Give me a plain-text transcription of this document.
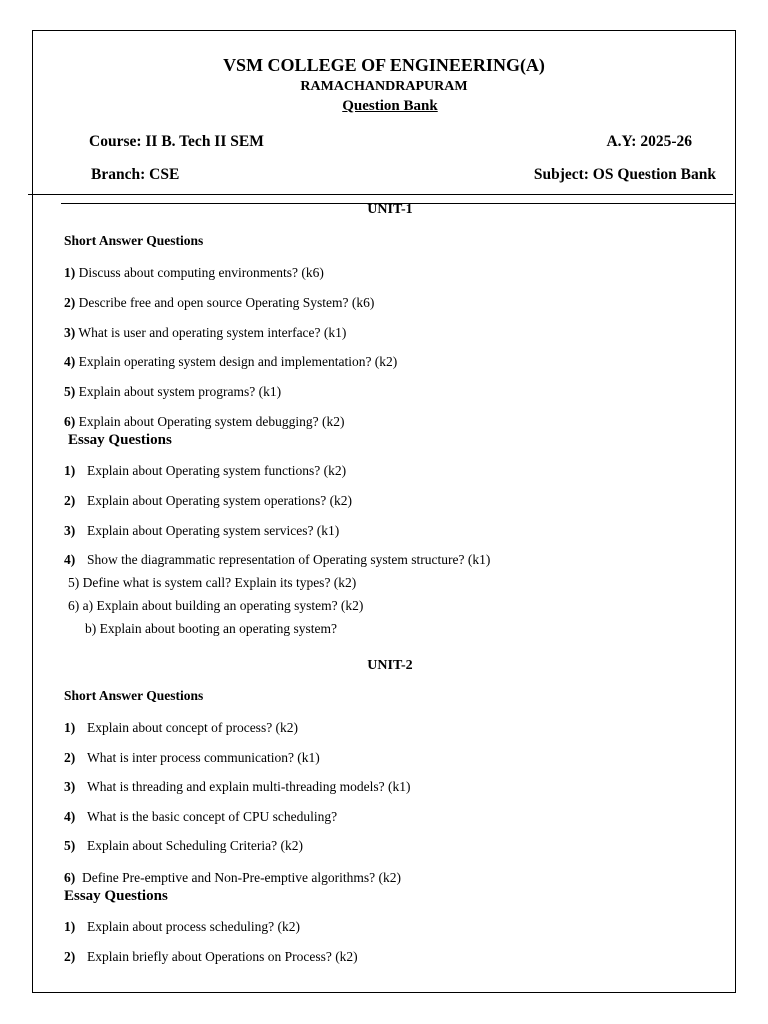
VSM COLLEGE OF ENGINEERING(A)
RAMACHANDRAPURAM
Question Bank
Course: II B. Tech II SEM	A.Y: 2025-26
Branch: CSE	Subject: OS Question Bank
UNIT-1
Short Answer Questions
1) Discuss about computing environments? (k6)
2) Describe free and open source Operating System? (k6)
3) What is user and operating system interface? (k1)
4) Explain operating system design and implementation? (k2)
5) Explain about system programs? (k1)
6) Explain about Operating system debugging? (k2)
Essay Questions
1) Explain about Operating system functions? (k2)
2) Explain about Operating system operations? (k2)
3) Explain about Operating system services? (k1)
4) Show the diagrammatic representation of Operating system structure? (k1)
5) Define what is system call? Explain its types? (k2)
6) a) Explain about building an operating system? (k2)
b) Explain about booting an operating system?
UNIT-2
Short Answer Questions
1) Explain about concept of process? (k2)
2) What is inter process communication? (k1)
3) What is threading and explain multi-threading models? (k1)
4) What is the basic concept of CPU scheduling?
5) Explain about Scheduling Criteria? (k2)
6)  Define Pre-emptive and Non-Pre-emptive algorithms? (k2)
Essay Questions
1) Explain about process scheduling? (k2)
2) Explain briefly about Operations on Process? (k2)
